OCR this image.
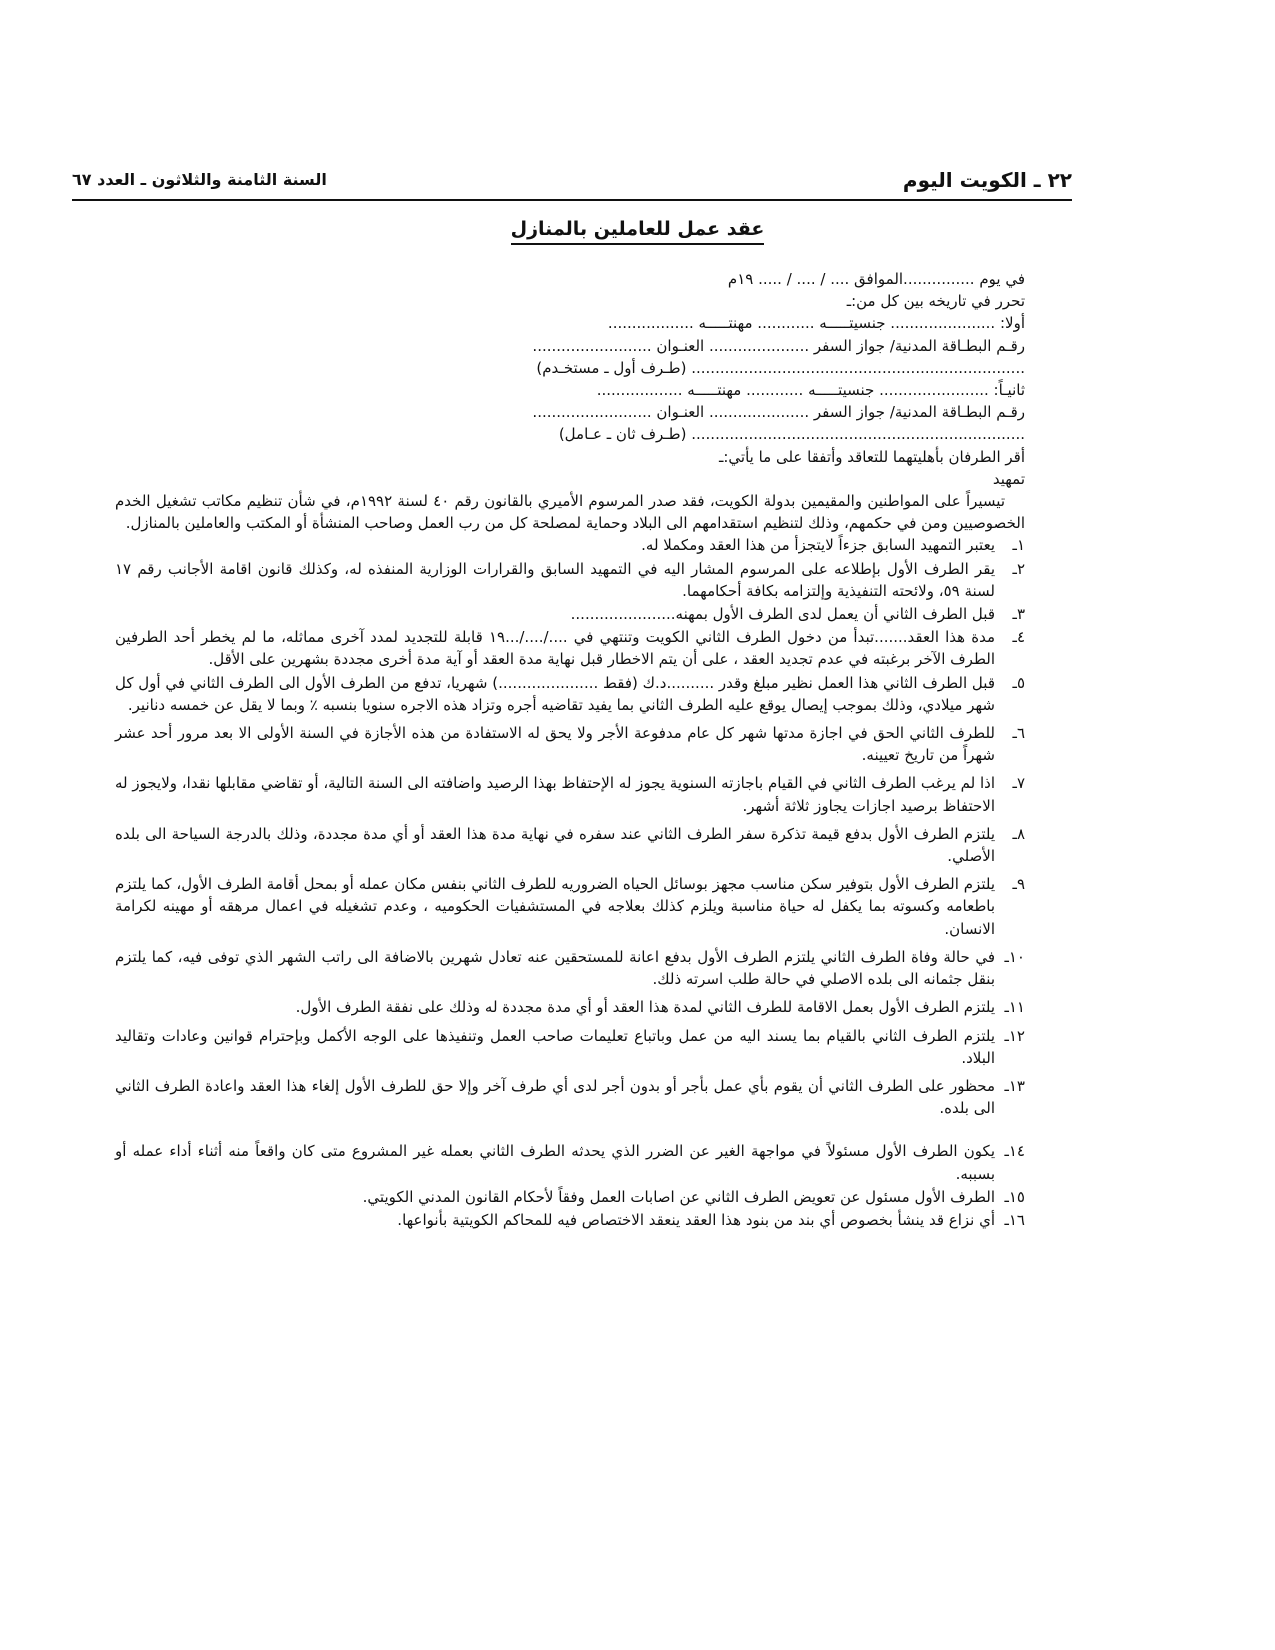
٢٢ ـ الكويت اليوم
السنة الثامنة والثلاثون ـ العدد ٦٧
عقد عمل للعاملين بالمنازل
في يوم ...............الموافق .... / .... / ..... ١٩م
تحرر في تاريخه بين كل من:ـ
أولا: ...................... جنسيتـــــه ............ مهنتـــــه ..................
رقـم البطـاقة المدنية/ جواز السفر ..................... العنـوان .........................
...................................................................... (طـرف أول ـ مستخـدم)
ثانيـاً: ....................... جنسيتـــــه ............ مهنتـــــه ..................
رقـم البطـاقة المدنية/ جواز السفر ..................... العنـوان .........................
...................................................................... (طـرف ثان ـ عـامل)
أقر الطرفان بأهليتهما للتعاقد وأتفقا على ما يأتي:ـ
تمهيد
تيسيراً على المواطنين والمقيمين بدولة الكويت، فقد صدر المرسوم الأميري بالقانون رقم ٤٠ لسنة ١٩٩٢م، في شأن تنظيم مكاتب تشغيل الخدم الخصوصيين ومن في حكمهم، وذلك لتنظيم استقدامهم الى البلاد وحماية لمصلحة كل من رب العمل وصاحب المنشأة أو المكتب والعاملين بالمنازل.
١ـ
يعتبر التمهيد السابق جزءاً لايتجزأ من هذا العقد ومكملا له.
٢ـ
يقر الطرف الأول بإطلاعه على المرسوم المشار اليه في التمهيد السابق والقرارات الوزارية المنفذه له، وكذلك قانون اقامة الأجانب رقم ١٧ لسنة ٥٩، ولائحته التنفيذية وإلتزامه بكافة أحكامهما.
٣ـ
قبل الطرف الثاني أن يعمل لدى الطرف الأول بمهنه......................
٤ـ
مدة هذا العقد.......تبدأ من دخول الطرف الثاني الكويت وتنتهي في ..../..../...١٩ قابلة للتجديد لمدد آخرى مماثله، ما لم يخطر أحد الطرفين الطرف الآخر برغبته في عدم تجديد العقد ، على أن يتم الاخطار قبل نهاية مدة العقد أو آية مدة أخرى مجددة بشهرين على الأقل.
٥ـ
قبل الطرف الثاني هذا العمل نظير مبلغ وقدر ..........د.ك (فقط .....................) شهريا، تدفع من الطرف الأول الى الطرف الثاني في أول كل شهر ميلادي، وذلك بموجب إيصال يوقع عليه الطرف الثاني بما يفيد تقاضيه أجره وتزاد هذه الاجره سنويا بنسبه ٪ وبما لا يقل عن خمسه دنانير.
٦ـ
للطرف الثاني الحق في اجازة مدتها شهر كل عام مدفوعة الأجر ولا يحق له الاستفادة من هذه الأجازة في السنة الأولى الا بعد مرور أحد عشر شهراً من تاريخ تعيينه.
٧ـ
اذا لم يرغب الطرف الثاني في القيام باجازته السنوية يجوز له الإحتفاظ بهذا الرصيد واضافته الى السنة التالية، أو تقاضي مقابلها نقدا، ولايجوز له الاحتفاظ برصيد اجازات يجاوز ثلاثة أشهر.
٨ـ
يلتزم الطرف الأول بدفع قيمة تذكرة سفر الطرف الثاني عند سفره في نهاية مدة هذا العقد أو أي مدة مجددة، وذلك بالدرجة السياحة الى بلده الأصلي.
٩ـ
يلتزم الطرف الأول بتوفير سكن مناسب مجهز بوسائل الحياه الضروريه للطرف الثاني بنفس مكان عمله أو بمحل أقامة الطرف الأول، كما يلتزم باطعامه وكسوته بما يكفل له حياة مناسبة ويلزم كذلك بعلاجه في المستشفيات الحكوميه ، وعدم تشغيله في اعمال مرهقه أو مهينه لكرامة الانسان.
١٠ـ
في حالة وفاة الطرف الثاني يلتزم الطرف الأول بدفع اعانة للمستحقين عنه تعادل شهرين بالاضافة الى راتب الشهر الذي توفى فيه، كما يلتزم بنقل جثمانه الى بلده الاصلي في حالة طلب اسرته ذلك.
١١ـ
يلتزم الطرف الأول بعمل الاقامة للطرف الثاني لمدة هذا العقد أو أي مدة مجددة له وذلك على نفقة الطرف الأول.
١٢ـ
يلتزم الطرف الثاني بالقيام بما يسند اليه من عمل وباتباع تعليمات صاحب العمل وتنفيذها على الوجه الأكمل وبإحترام قوانين وعادات وتقاليد البلاد.
١٣ـ
محظور على الطرف الثاني أن يقوم بأي عمل بأجر أو بدون أجر لدى أي طرف آخر وإلا حق للطرف الأول إلغاء هذا العقد واعادة الطرف الثاني الى بلده.
١٤ـ
يكون الطرف الأول مسئولاً في مواجهة الغير عن الضرر الذي يحدثه الطرف الثاني بعمله غير المشروع متى كان واقعاً منه أثناء أداء عمله أو بسببه.
١٥ـ
الطرف الأول مسئول عن تعويض الطرف الثاني عن اصابات العمل وفقاً لأحكام القانون المدني الكويتي.
١٦ـ
أي نزاع قد ينشأ بخصوص أي بند من بنود هذا العقد ينعقد الاختصاص فيه للمحاكم الكويتية بأنواعها.
